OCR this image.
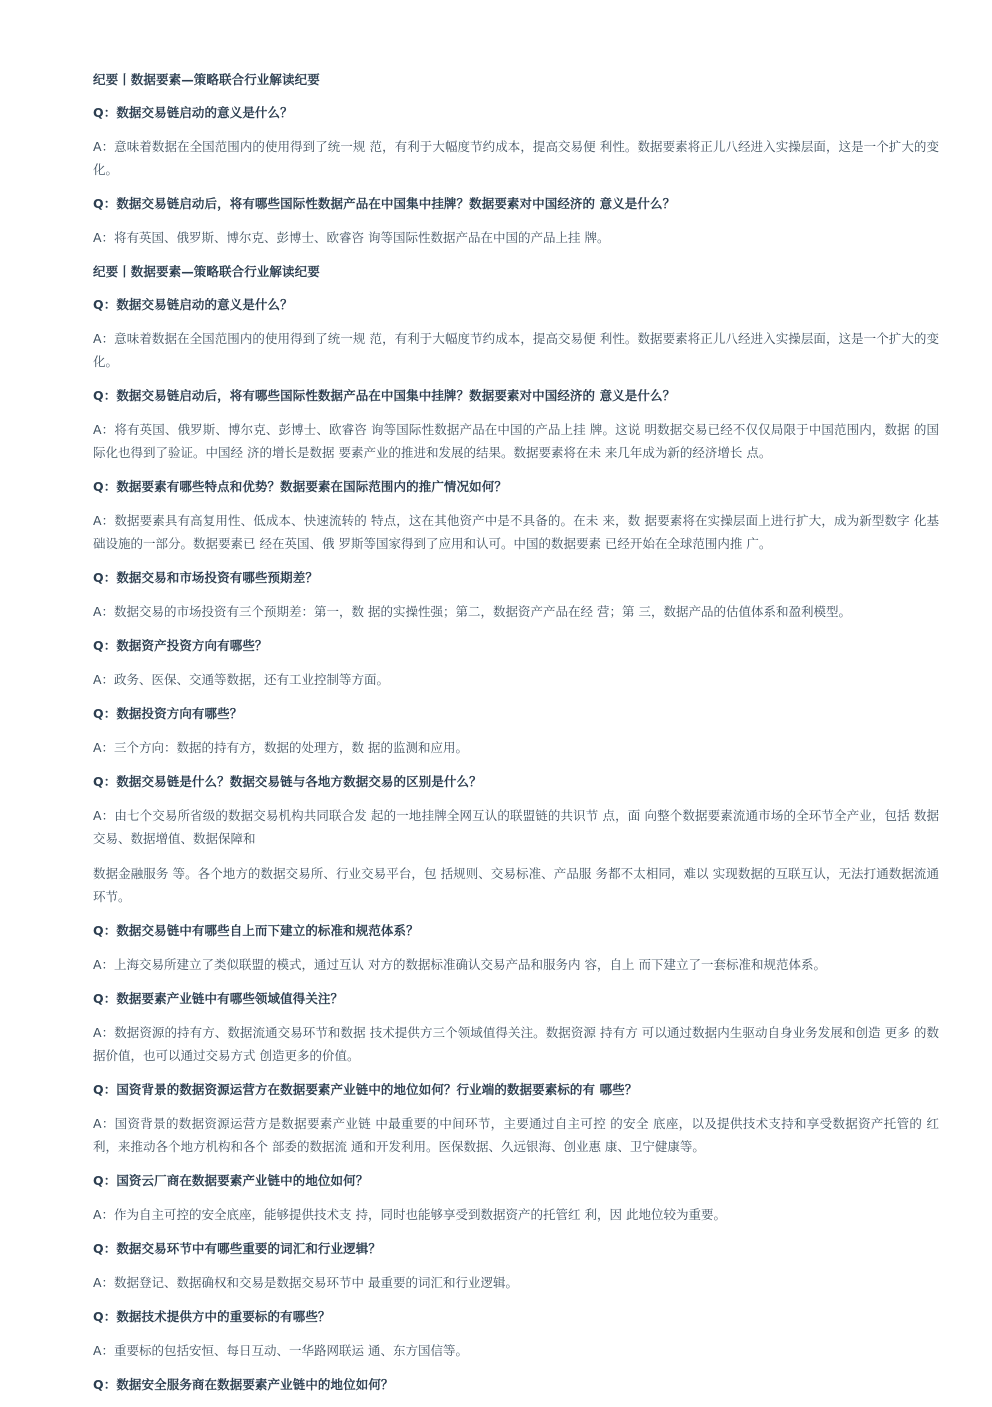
纪要丨数据要素—策略联合行业解读纪要

Q：数据交易链启动的意义是什么？

A：意味着数据在全国范围内的使用得到了统一规 范，有利于大幅度节约成本，提高交易便 利性。数据要素将正儿八经进入实操层面，这是一个扩大的变化。

Q：数据交易链启动后，将有哪些国际性数据产品在中国集中挂牌？数据要素对中国经济的 意义是什么？

A：将有英国、俄罗斯、博尔克、彭博士、欧睿咨 询等国际性数据产品在中国的产品上挂 牌。

纪要丨数据要素—策略联合行业解读纪要

Q：数据交易链启动的意义是什么？

A：意味着数据在全国范围内的使用得到了统一规 范，有利于大幅度节约成本，提高交易便 利性。数据要素将正儿八经进入实操层面，这是一个扩大的变化。

Q：数据交易链启动后，将有哪些国际性数据产品在中国集中挂牌？数据要素对中国经济的 意义是什么？

A：将有英国、俄罗斯、博尔克、彭博士、欧睿咨 询等国际性数据产品在中国的产品上挂 牌。这说 明数据交易已经不仅仅局限于中国范围内，数据 的国际化也得到了验证。中国经 济的增长是数据 要素产业的推进和发展的结果。数据要素将在未 来几年成为新的经济增长 点。

Q：数据要素有哪些特点和优势？数据要素在国际范围内的推广情况如何？

A：数据要素具有高复用性、低成本、快速流转的 特点，这在其他资产中是不具备的。在未 来，数 据要素将在实操层面上进行扩大，成为新型数字 化基础设施的一部分。数据要素已 经在英国、俄 罗斯等国家得到了应用和认可。中国的数据要素 已经开始在全球范围内推 广。

Q：数据交易和市场投资有哪些预期差？

A：数据交易的市场投资有三个预期差：第一，数 据的实操性强；第二，数据资产产品在经 营；第 三，数据产品的估值体系和盈利模型。

Q：数据资产投资方向有哪些？

A：政务、医保、交通等数据，还有工业控制等方面。

Q：数据投资方向有哪些？

A：三个方向：数据的持有方，数据的处理方，数 据的监测和应用。

Q：数据交易链是什么？数据交易链与各地方数据交易的区别是什么？

A：由七个交易所省级的数据交易机构共同联合发 起的一地挂牌全网互认的联盟链的共识节 点，面 向整个数据要素流通市场的全环节全产业，包括 数据交易、数据增值、数据保障和

数据金融服务 等。各个地方的数据交易所、行业交易平台，包 括规则、交易标准、产品服 务都不太相同，难以 实现数据的互联互认，无法打通数据流通环节。

Q：数据交易链中有哪些自上而下建立的标准和规范体系？

A：上海交易所建立了类似联盟的模式，通过互认 对方的数据标准确认交易产品和服务内 容，自上 而下建立了一套标准和规范体系。

Q：数据要素产业链中有哪些领域值得关注？

A：数据资源的持有方、数据流通交易环节和数据 技术提供方三个领域值得关注。数据资源 持有方 可以通过数据内生驱动自身业务发展和创造 更多 的数据价值，也可以通过交易方式 创造更多的价值。

Q：国资背景的数据资源运营方在数据要素产业链中的地位如何？行业端的数据要素标的有 哪些？

A：国资背景的数据资源运营方是数据要素产业链 中最重要的中间环节，主要通过自主可控 的安全 底座，以及提供技术支持和享受数据资产托管的 红利，来推动各个地方机构和各个 部委的数据流 通和开发利用。医保数据、久远银海、创业惠 康、卫宁健康等。

Q：国资云厂商在数据要素产业链中的地位如何？

A：作为自主可控的安全底座，能够提供技术支 持，同时也能够享受到数据资产的托管红 利，因 此地位较为重要。

Q：数据交易环节中有哪些重要的词汇和行业逻辑？

A：数据登记、数据确权和交易是数据交易环节中 最重要的词汇和行业逻辑。

Q：数据技术提供方中的重要标的有哪些？

A：重要标的包括安恒、每日互动、一华路网联运 通、东方国信等。

Q：数据安全服务商在数据要素产业链中的地位如何？
